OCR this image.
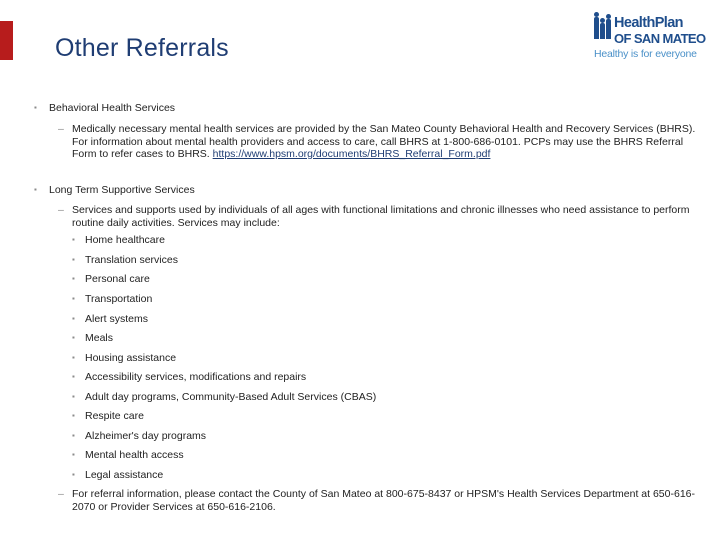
Other Referrals
HealthPlan
OF SAN MATEO
Healthy is for everyone
▪ Behavioral Health Services
– Medically necessary mental health services are provided by the San Mateo County Behavioral Health and Recovery Services (BHRS). For information about mental health providers and access to care, call BHRS at 1-800-686-0101. PCPs may use the BHRS Referral Form to refer cases to BHRS. https://www.hpsm.org/documents/BHRS_Referral_Form.pdf
▪ Long Term Supportive Services
– Services and supports used by individuals of all ages with functional limitations and chronic illnesses who need assistance to perform routine daily activities. Services may include:
▪ Home healthcare
▪ Translation services
▪ Personal care
▪ Transportation
▪ Alert systems
▪ Meals
▪ Housing assistance
▪ Accessibility services, modifications and repairs
▪ Adult day programs, Community-Based Adult Services (CBAS)
▪ Respite care
▪ Alzheimer's day programs
▪ Mental health access
▪ Legal assistance
– For referral information, please contact the County of San Mateo at 800-675-8437 or HPSM's Health Services Department at 650-616-2070 or Provider Services at 650-616-2106.
